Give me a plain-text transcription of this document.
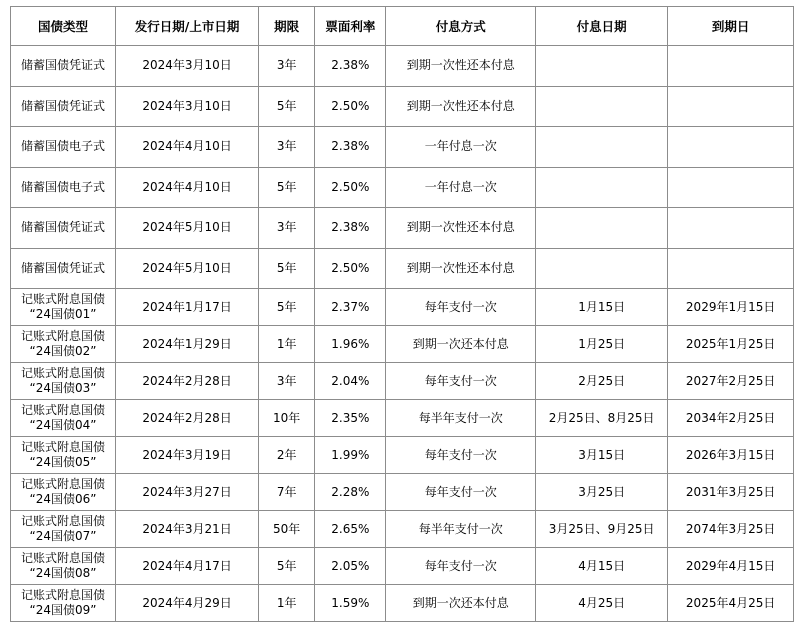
国债类型	发行日期/上市日期	期限	票面利率	付息方式	付息日期	到期日
储蓄国债凭证式	2024年3月10日	3年	2.38%	到期一次性还本付息		
储蓄国债凭证式	2024年3月10日	5年	2.50%	到期一次性还本付息		
储蓄国债电子式	2024年4月10日	3年	2.38%	一年付息一次		
储蓄国债电子式	2024年4月10日	5年	2.50%	一年付息一次		
储蓄国债凭证式	2024年5月10日	3年	2.38%	到期一次性还本付息		
储蓄国债凭证式	2024年5月10日	5年	2.50%	到期一次性还本付息		

记账式附息国债
“24国债01”	2024年1月17日	5年	2.37%	每年支付一次	1月15日	2029年1月15日

记账式附息国债
“24国债02”	2024年1月29日	1年	1.96%	到期一次还本付息	1月25日	2025年1月25日

记账式附息国债
“24国债03”	2024年2月28日	3年	2.04%	每年支付一次	2月25日	2027年2月25日

记账式附息国债
“24国债04”	2024年2月28日	10年	2.35%	每半年支付一次	2月25日、8月25日	2034年2月25日

记账式附息国债
“24国债05”	2024年3月19日	2年	1.99%	每年支付一次	3月15日	2026年3月15日

记账式附息国债
“24国债06”	2024年3月27日	7年	2.28%	每年支付一次	3月25日	2031年3月25日

记账式附息国债
“24国债07”	2024年3月21日	50年	2.65%	每半年支付一次	3月25日、9月25日	2074年3月25日

记账式附息国债
“24国债08”	2024年4月17日	5年	2.05%	每年支付一次	4月15日	2029年4月15日

记账式附息国债
“24国债09”	2024年4月29日	1年	1.59%	到期一次还本付息	4月25日	2025年4月25日
